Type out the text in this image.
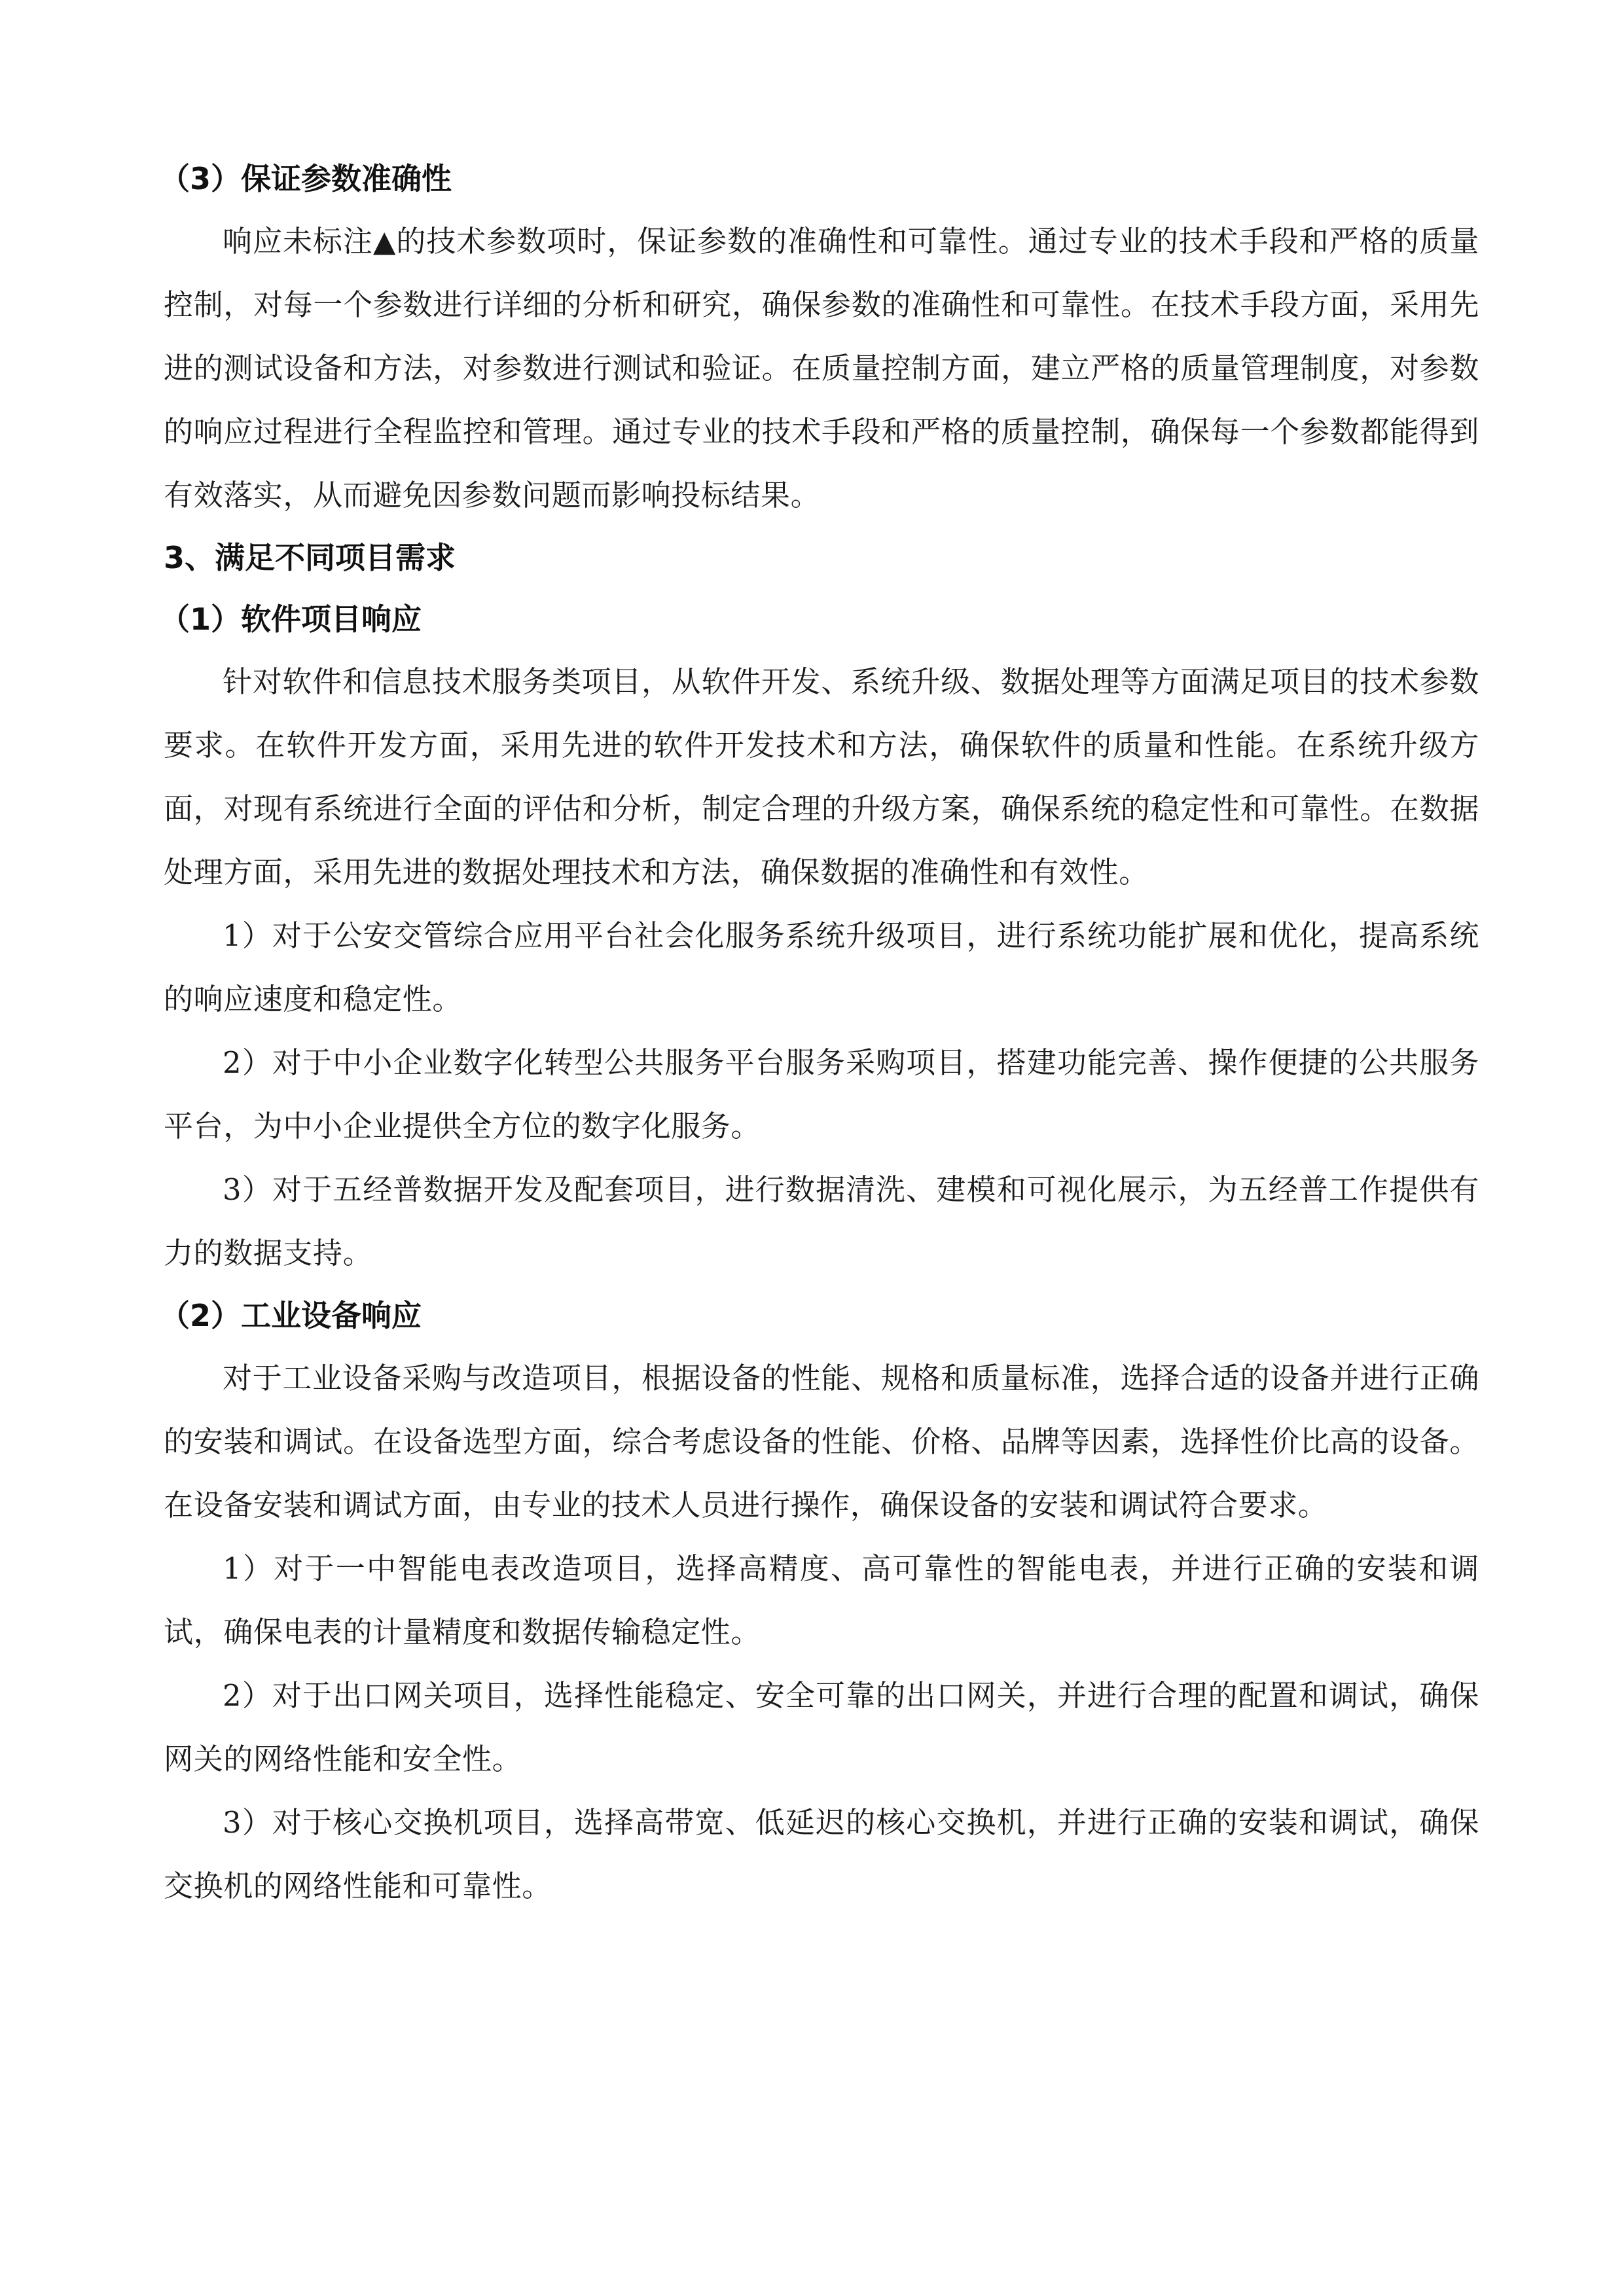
（3）保证参数准确性

响应未标注▲的技术参数项时，保证参数的准确性和可靠性。通过专业的技术手段和严格的质量控制，对每一个参数进行详细的分析和研究，确保参数的准确性和可靠性。在技术手段方面，采用先进的测试设备和方法，对参数进行测试和验证。在质量控制方面，建立严格的质量管理制度，对参数的响应过程进行全程监控和管理。通过专业的技术手段和严格的质量控制，确保每一个参数都能得到有效落实，从而避免因参数问题而影响投标结果。

3、满足不同项目需求
（1）软件项目响应

针对软件和信息技术服务类项目，从软件开发、系统升级、数据处理等方面满足项目的技术参数要求。在软件开发方面，采用先进的软件开发技术和方法，确保软件的质量和性能。在系统升级方面，对现有系统进行全面的评估和分析，制定合理的升级方案，确保系统的稳定性和可靠性。在数据处理方面，采用先进的数据处理技术和方法，确保数据的准确性和有效性。

1）对于公安交管综合应用平台社会化服务系统升级项目，进行系统功能扩展和优化，提高系统的响应速度和稳定性。

2）对于中小企业数字化转型公共服务平台服务采购项目，搭建功能完善、操作便捷的公共服务平台，为中小企业提供全方位的数字化服务。

3）对于五经普数据开发及配套项目，进行数据清洗、建模和可视化展示，为五经普工作提供有力的数据支持。

（2）工业设备响应

对于工业设备采购与改造项目，根据设备的性能、规格和质量标准，选择合适的设备并进行正确的安装和调试。在设备选型方面，综合考虑设备的性能、价格、品牌等因素，选择性价比高的设备。在设备安装和调试方面，由专业的技术人员进行操作，确保设备的安装和调试符合要求。

1）对于一中智能电表改造项目，选择高精度、高可靠性的智能电表，并进行正确的安装和调试，确保电表的计量精度和数据传输稳定性。

2）对于出口网关项目，选择性能稳定、安全可靠的出口网关，并进行合理的配置和调试，确保网关的网络性能和安全性。

3）对于核心交换机项目，选择高带宽、低延迟的核心交换机，并进行正确的安装和调试，确保交换机的网络性能和可靠性。
